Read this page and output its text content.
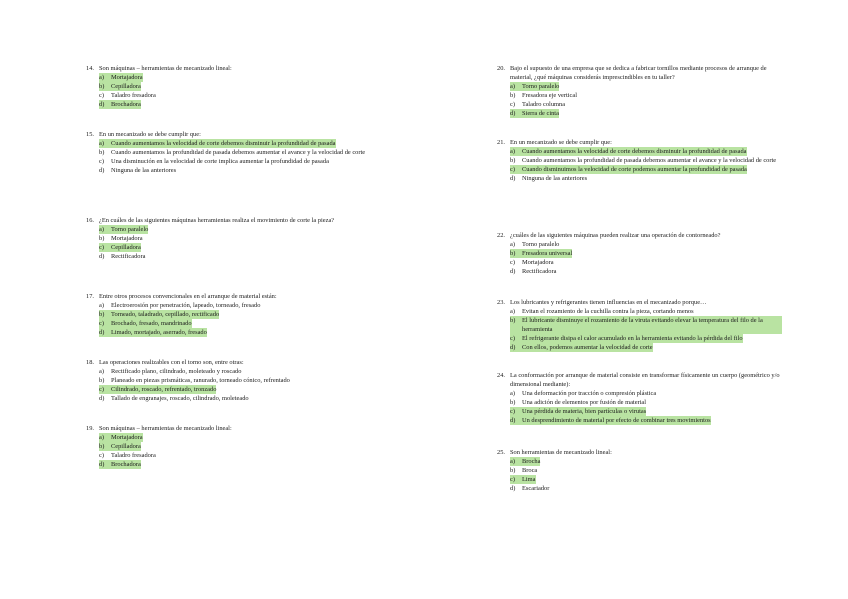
14. Son máquinas – herramientas de mecanizado lineal:
a)	Mortajadora
b)	Cepilladora
c)	Taladro fresadora
d)	Brochadora
15. En un mecanizado se debe cumplir que:
a)	Cuando aumentamos la velocidad de corte debemos disminuir la profundidad de pasada
b)	Cuando aumentamos la profundidad de pasada debemos aumentar el avance y la velocidad de corte
c)	Una disminución en la velocidad de corte implica aumentar la profundidad de pasada
d)	Ninguna de las anteriores
16. ¿En cuáles de las siguientes máquinas herramientas realiza el movimiento de corte la pieza?
a)	Torno paralelo
b)	Mortajadora
c)	Cepilladora
d)	Rectificadora
17. Entre otros procesos convencionales en el arranque de material están:
a)	Electroerosión por penetración, lapeado, torneado, fresado
b)	Torneado, taladrado, cepillado, rectificado
c)	Brochado, fresado, mandrinado
d)	Limado, mortajado, aserrado, fresado
18. Las operaciones realizables con el torno son, entre otras:
a)	Rectificado plano, cilindrado, moleteado y roscado
b)	Planeado en piezas prismáticas, ranurado, torneado cónico, refrentado
c)	Cilindrado, roscado, refrentado, tronzado
d)	Tallado de engranajes, roscado, cilindrado, moleteado
19. Son máquinas – herramientas de mecanizado lineal:
a)	Mortajadora
b)	Cepilladora
c)	Taladro fresadora
d)	Brochadora
20. Bajo el supuesto de una empresa que se dedica a fabricar tornillos mediante procesos de arranque de material, ¿qué máquinas considerás imprescindibles en tu taller?
a)	Torno paralelo
b)	Fresadora eje vertical
c)	Taladro columna
d)	Sierra de cinta
21. En un mecanizado se debe cumplir que:
a)	Cuando aumentamos la velocidad de corte debemos disminuir la profundidad de pasada
b)	Cuando aumentamos la profundidad de pasada debemos aumentar el avance y la velocidad de corte
c)	Cuando disminuimos la velocidad de corte podemos aumentar la profundidad de pasada
d)	Ninguna de las anteriores
22. ¿cuáles de las siguientes máquinas pueden realizar una operación de contorneado?
a)	Torno paralelo
b)	Fresadora universal
c)	Mortajadora
d)	Rectificadora
23. Los lubricantes y refrigerantes tienen influencias en el mecanizado porque…
a)	Evitan el rozamiento de la cuchilla contra la pieza, cortando menos
b)	El lubricante disminuye el rozamiento de la viruta evitando elevar la temperatura del filo de la herramienta
c)	El refrigerante disipa el calor acumulado en la herramienta evitando la pérdida del filo
d)	Con ellos, podemos aumentar la velocidad de corte
24. La conformación por arranque de material consiste en transformar físicamente un cuerpo (geométrico y/o dimensional mediante):
a)	Una deformación por tracción o compresión plástica
b)	Una adición de elementos por fusión de material
c)	Una pérdida de materia, bien partículas o virutas
d)	Un desprendimiento de material por efecto de combinar tres movimientos
25. Son herramientas de mecanizado lineal:
a)	Brocha
b)	Broca
c)	Lima
d)	Escariador
